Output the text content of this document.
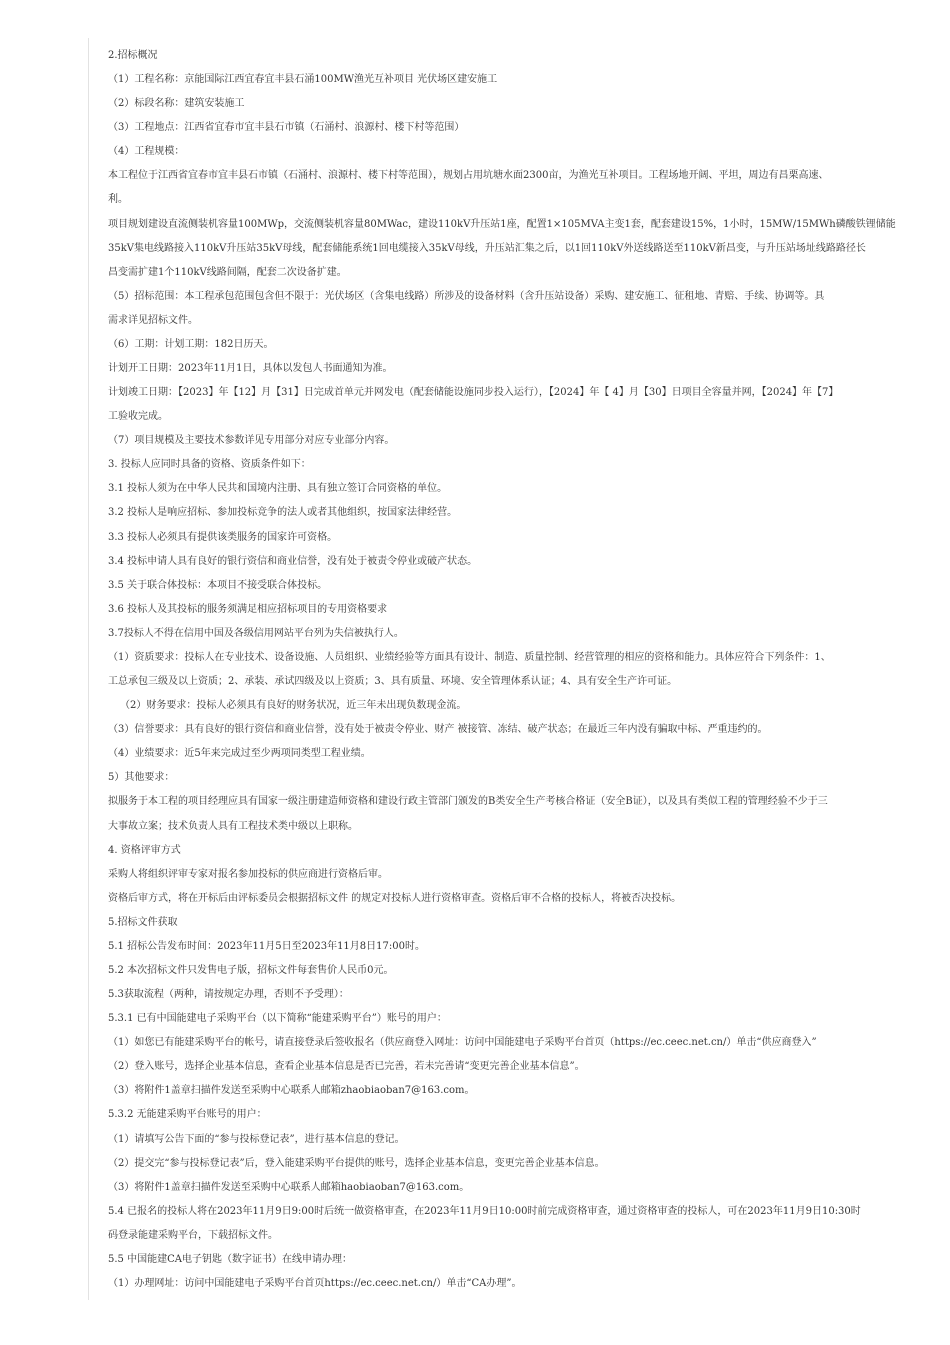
2.招标概况
（1）工程名称：京能国际江西宜春宜丰县石涌100MW渔光互补项目 光伏场区建安施工
（2）标段名称：建筑安装施工
（3）工程地点：江西省宜春市宜丰县石市镇（石涌村、浪源村、楼下村等范围）
（4）工程规模：
本工程位于江西省宜春市宜丰县石市镇（石涌村、浪源村、楼下村等范围），规划占用坑塘水面2300亩，为渔光互补项目。工程场地开阔、平坦，周边有昌栗高速、
利。
项目规划建设直流侧装机容量100MWp，交流侧装机容量80MWac，建设110kV升压站1座，配置1×105MVA主变1套，配套建设15%，1小时，15MW/15MWh磷酸铁锂储能
35kV集电线路接入110kV升压站35kV母线，配套储能系统1回电缆接入35kV母线，升压站汇集之后，以1回110kV外送线路送至110kV新昌变，与升压站场址线路路径长
昌变需扩建1个110kV线路间隔，配套二次设备扩建。
（5）招标范围：本工程承包范围包含但不限于：光伏场区（含集电线路）所涉及的设备材料（含升压站设备）采购、建安施工、征租地、青赔、手续、协调等。具
需求详见招标文件。
（6）工期：计划工期：182日历天。
计划开工日期：2023年11月1日，具体以发包人书面通知为准。
计划竣工日期：【2023】年【12】月【31】日完成首单元并网发电（配套储能设施同步投入运行），【2024】年【 4】月【30】日项目全容量并网，【2024】年【7】
工验收完成。
（7）项目规模及主要技术参数详见专用部分对应专业部分内容。
3. 投标人应同时具备的资格、资质条件如下：
3.1 投标人须为在中华人民共和国境内注册、具有独立签订合同资格的单位。
3.2 投标人是响应招标、参加投标竞争的法人或者其他组织，按国家法律经营。
3.3 投标人必须具有提供该类服务的国家许可资格。
3.4 投标申请人具有良好的银行资信和商业信誉，没有处于被责令停业或破产状态。
3.5 关于联合体投标：本项目不接受联合体投标。
3.6 投标人及其投标的服务须满足相应招标项目的专用资格要求
3.7投标人不得在信用中国及各级信用网站平台列为失信被执行人。
（1）资质要求：投标人在专业技术、设备设施、人员组织、业绩经验等方面具有设计、制造、质量控制、经营管理的相应的资格和能力。具体应符合下列条件：1、
工总承包三级及以上资质；2、承装、承试四级及以上资质；3、具有质量、环境、安全管理体系认证；4、具有安全生产许可证。
（2）财务要求：投标人必须具有良好的财务状况，近三年未出现负数现金流。
（3）信誉要求：具有良好的银行资信和商业信誉，没有处于被责令停业、财产 被接管、冻结、破产状态；在最近三年内没有骗取中标、严重违约的。
（4）业绩要求：近5年来完成过至少两项同类型工程业绩。
5）其他要求：
拟服务于本工程的项目经理应具有国家一级注册建造师资格和建设行政主管部门颁发的B类安全生产考核合格证（安全B证），以及具有类似工程的管理经验不少于三
大事故立案；技术负责人具有工程技术类中级以上职称。
4. 资格评审方式
采购人将组织评审专家对报名参加投标的供应商进行资格后审。
资格后审方式，将在开标后由评标委员会根据招标文件 的规定对投标人进行资格审查。资格后审不合格的投标人，将被否决投标。
5.招标文件获取
5.1 招标公告发布时间：2023年11月5日至2023年11月8日17:00时。
5.2 本次招标文件只发售电子版，招标文件每套售价人民币0元。
5.3获取流程（两种，请按规定办理，否则不予受理）：
5.3.1 已有中国能建电子采购平台（以下简称“能建采购平台”）账号的用户：
（1）如您已有能建采购平台的帐号，请直接登录后签收报名（供应商登入网址：访问中国能建电子采购平台首页（https://ec.ceec.net.cn/）单击“供应商登入”
（2）登入账号，选择企业基本信息，查看企业基本信息是否已完善，若未完善请“变更完善企业基本信息”。
（3）将附件1盖章扫描件发送至采购中心联系人邮箱zhaobiaoban7@163.com。
5.3.2 无能建采购平台账号的用户：
（1）请填写公告下面的“参与投标登记表”，进行基本信息的登记。
（2）提交完“参与投标登记表”后，登入能建采购平台提供的账号，选择企业基本信息，变更完善企业基本信息。
（3）将附件1盖章扫描件发送至采购中心联系人邮箱haobiaoban7@163.com。
5.4 已报名的投标人将在2023年11月9日9:00时后统一做资格审查，在2023年11月9日10:00时前完成资格审查，通过资格审查的投标人，可在2023年11月9日10:30时
码登录能建采购平台，下载招标文件。
5.5 中国能建CA电子钥匙（数字证书）在线申请办理：
（1）办理网址：访问中国能建电子采购平台首页https://ec.ceec.net.cn/）单击“CA办理”。
